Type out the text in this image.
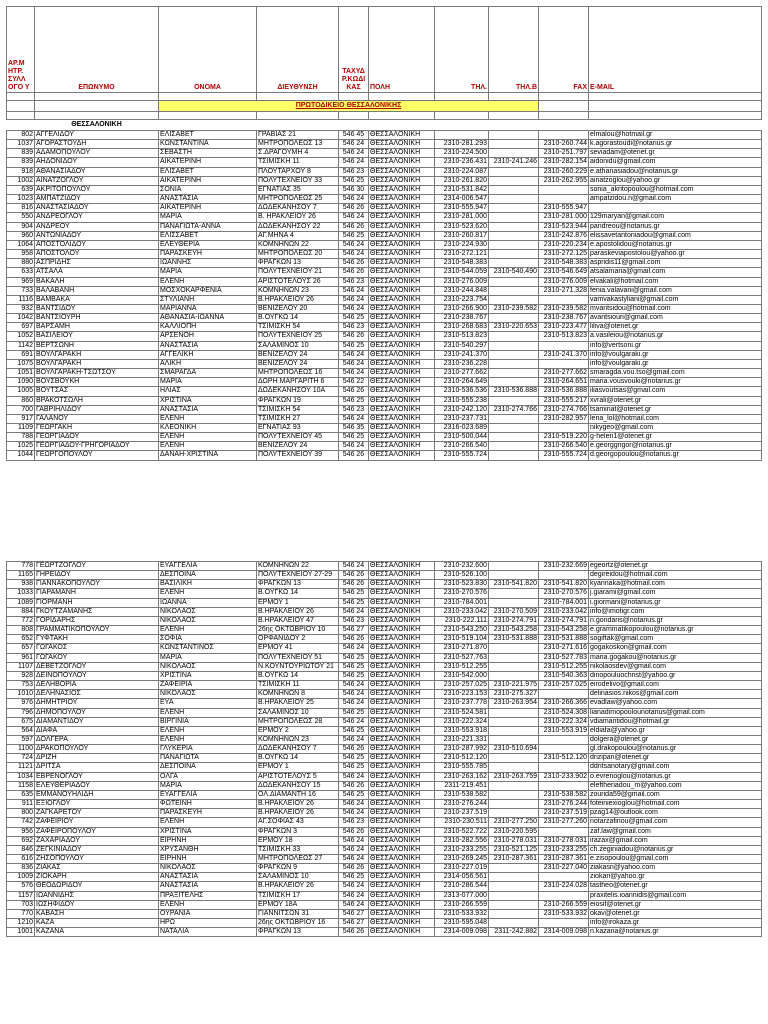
ΑΡ.Μ ΗΤΡ. ΣΥΛΛ ΟΓΟ Υ	ΕΠΩΝΥΜΟ	ΟΝΟΜΑ	ΔΙΕΥΘΥΝΣΗ	ΤΑΧΥΔ Ρ.ΚΩΔΙ ΚΑΣ	ΠΟΛΗ	ΤΗΛ.	ΤΗΛ.Β	FAX	E-MAIL

		ΠΡΩΤΟΔΙΚΕΙΟ ΘΕΣΣΑΛΟΝΙΚΗΣ							

	ΘΕΣΣΑΛΟΝΙΚΗ								
802	ΑΓΓΕΛΙΔΟΥ	ΕΛΙΣΑΒΕΤ	ΓΡΑΒΙΑΣ 21	546 45	ΘΕΣΣΑΛΟΝΙΚΗ				elmalou@hotmail.gr
1037	ΑΓΟΡΑΣΤΟΥΔΗ	ΚΩΝΣΤΑΝΤΙΝΑ	ΜΗΤΡΟΠΟΛΕΩΣ 13	546 24	ΘΕΣΣΑΛΟΝΙΚΗ	2310-281.293		2310-260.744	k.agorastoudi@notarius.gr
839	ΑΔΑΜΟΠΟΥΛΟΥ	ΣΕΒΑΣΤΗ	Σ.ΔΡΑΓΟΥΜΗ 4	546 24	ΘΕΣΣΑΛΟΝΙΚΗ	2310-224.500		2310-251.797	seviadam@otenet.gr
839	ΑΗΔΟΝΙΔΟΥ	ΑΙΚΑΤΕΡΙΝΗ	ΤΣΙΜΙΣΚΗ 11	546 24	ΘΕΣΣΑΛΟΝΙΚΗ	2310-236.431	2310-241.246	2310-282.154	aidonidu@gmail.com
918	ΑΘΑΝΑΣΙΑΔΟΥ	ΕΛΙΣΑΒΕΤ	ΠΛΟΥΤΑΡΧΟΥ 8	546 23	ΘΕΣΣΑΛΟΝΙΚΗ	2310-224.087		2310-260.229	e.athanasiadou@notarius.gr
1002	ΑΙΝΑΤΖΟΓΛΟΥ	ΑΙΚΑΤΕΡΙΝΗ	ΠΟΛΥΤΕΧΝΕΙΟΥ 33	546 25	ΘΕΣΣΑΛΟΝΙΚΗ	2310-261.820		2310-262.955	ainatzoglou@yahoo.gr
639	ΑΚΡΙΤΟΠΟΥΛΟΥ	ΣΟΝΙΑ	ΕΓΝΑΤΙΑΣ 35	546 30	ΘΕΣΣΑΛΟΝΙΚΗ	2310-531.842			sonia_akritopoulou@hotmail.com
1023	ΑΜΠΑΤΖΙΔΟΥ	ΑΝΑΣΤΑΣΙΑ	ΜΗΤΡΟΠΟΛΕΩΣ 25	546 24	ΘΕΣΣΑΛΟΝΙΚΗ	2314-006.547			ampatzidou.n@gmail.com
816	ΑΝΑΣΤΑΣΙΑΔΟΥ	ΑΙΚΑΤΕΡΙΝΗ	ΔΩΔΕΚΑΝΗΣΟΥ 7	546 26	ΘΕΣΣΑΛΟΝΙΚΗ	2310-555.947		2310-555.947	
550	ΑΝΔΡΕΟΓΛΟΥ	ΜΑΡΙΑ	Β. ΗΡΑΚΛΕΙΟΥ 26	546 24	ΘΕΣΣΑΛΟΝΙΚΗ	2310-281.000		2310-281.000	129maryan@gmail.com
904	ΑΝΔΡΕΟΥ	ΠΑΝΑΓΙΩΤΑ-ΑΝΝΑ	ΔΩΔΕΚΑΝΗΣΟΥ 22	546 26	ΘΕΣΣΑΛΟΝΙΚΗ	2310-523.620		2310-523.944	pandreou@notarius.gr
960	ΑΝΤΩΝΙΑΔΟΥ	ΕΛΙΣΣΑΒΕΤ	ΑΓ.ΜΗΝΑ 4	546 25	ΘΕΣΣΑΛΟΝΙΚΗ	2310-260.817		2310-242.876	elissavetantoniadou@gmail.com
1064	ΑΠΟΣΤΟΛΙΔΟΥ	ΕΛΕΥΘΕΡΙΑ	ΚΟΜΝΗΝΩΝ 22	546 24	ΘΕΣΣΑΛΟΝΙΚΗ	2310-224.930		2310-220.234	e.apostolidou@notarius.gr
958	ΑΠΟΣΤΟΛΟΥ	ΠΑΡΑΣΚΕΥΗ	ΜΗΤΡΟΠΟΛΕΩΣ 20	546 24	ΘΕΣΣΑΛΟΝΙΚΗ	2310-272.121		2310-272.125	paraskeviapostolou@yahoo.gr
880	ΑΣΠΡΙΔΗΣ	ΙΩΑΝΝΗΣ	ΦΡΑΓΚΩΝ 13	546 26	ΘΕΣΣΑΛΟΝΙΚΗ	2310-548.383		2310-548.383	aspridis11@gmail.com
633	ΑΤΣΑΛΑ	ΜΑΡΙΑ	ΠΟΛΥΤΕΧΝΕΙΟΥ 21	546 26	ΘΕΣΣΑΛΟΝΙΚΗ	2310-544.059	2310-540.490	2310-546.649	atsalamaria@gmail.com
969	ΒΑΚΑΛΗ	ΕΛΕΝΗ	ΑΡΙΣΤΟΤΕΛΟΥΣ 26	546 23	ΘΕΣΣΑΛΟΝΙΚΗ	2310-276.009		2310-276.009	elvakali@hotmail.com
733	ΒΑΛΑΒΑΝΗ	ΜΟΣΧΟΚΑΡΦΕΝΙΑ	ΚΟΜΝΗΝΩΝ 23	546 24	ΘΕΣΣΑΛΟΝΙΚΗ	2310-244.848		2310-271.328	fenia.valavani@gmail.com
1116	ΒΑΜΒΑΚΑ	ΣΤΥΛΙΑΝΗ	Β.ΗΡΑΚΛΕΙΟΥ 26	546 24	ΘΕΣΣΑΛΟΝΙΚΗ	2310-223.754			vamvakastyliani@gmail.com
932	ΒΑΝΤΣΙΔΟΥ	ΜΑΡΙΑΝΝΑ	ΒΕΝΙΖΕΛΟΥ 20	546 24	ΘΕΣΣΑΛΟΝΙΚΗ	2310-266.900	2310-239.582	2310-239.582	mvantsidou@hotmail.com
1042	ΒΑΝΤΣΙΟΥΡΗ	ΑΘΑΝΑΣΙΑ-ΙΩΑΝΝΑ	Β.ΟΥΓΚΩ 14	546 25	ΘΕΣΣΑΛΟΝΙΚΗ	2310-238.767		2310-238.767	avantsiouri@gmail.com
697	ΒΑΡΣΑΜΗ	ΚΑΛΛΙΟΠΗ	ΤΣΙΜΙΣΚΗ 54	546 23	ΘΕΣΣΑΛΟΝΙΚΗ	2310-268.683	2310-220.653	2310-223.477	liliva@otenet.gr
1052	ΒΑΣΙΛΕΙΟΥ	ΑΡΣΕΝΟΗ	ΠΟΛΥΤΕΧΝΕΙΟΥ 25	546 26	ΘΕΣΣΑΛΟΝΙΚΗ	2310-513.823		2310-513.823	a.vasileiou@notarius.gr
1142	ΒΕΡΤΣΩΝΗ	ΑΝΑΣΤΑΣΙΑ	ΣΑΛΑΜΙΝΟΣ 10	546 25	ΘΕΣΣΑΛΟΝΙΚΗ	2310-540.297			info@vertsoni.gr
691	ΒΟΥΛΓΑΡΑΚΗ	ΑΓΓΕΛΙΚΗ	ΒΕΝΙΖΕΛΟΥ 24	546 24	ΘΕΣΣΑΛΟΝΙΚΗ	2310-241.370		2310-241.370	info@voulgaraki.gr
1075	ΒΟΥΛΓΑΡΑΚΗ	ΑΛΙΚΗ	ΒΕΝΙΖΕΛΟΥ 24	546 24	ΘΕΣΣΑΛΟΝΙΚΗ	2310-236.228			info@voulgaraki.gr
1051	ΒΟΥΛΓΑΡΑΚΗ-ΤΣΩΤΣΟΥ	ΣΜΑΡΑΓΔΑ	ΜΗΤΡΟΠΟΛΕΩΣ 16	546 24	ΘΕΣΣΑΛΟΝΙΚΗ	2310-277.662		2310-277.662	smaragda.vou.tso@gmail.com
1090	ΒΟΥΣΒΟΥΚΗ	ΜΑΡΙΑ	ΔΩΡΗ ΜΑΡΓΑΡΙΤΗ 6	546 22	ΘΕΣΣΑΛΟΝΙΚΗ	2310-264.649		2310-264.651	maria.vousvouki@notarius.gr
1005	ΒΟΥΤΣΑΣ	ΗΛΙΑΣ	ΔΩΔΕΚΑΝΗΣΟΥ 10Α	546 26	ΘΕΣΣΑΛΟΝΙΚΗ	2310-536.536	2310-536.888	2310-536.888	iliasvoutsas@gmail.com
860	ΒΡΑΚΟΤΣΩΛΗ	ΧΡΙΣΤΙΝΑ	ΦΡΑΓΚΩΝ 19	546 25	ΘΕΣΣΑΛΟΝΙΚΗ	2310-555.238		2310-555.217	xvrali@otenet.gr
700	ΓΑΒΡΙΗΛΙΔΟΥ	ΑΝΑΣΤΑΣΙΑ	ΤΣΙΜΙΣΚΗ 54	546 23	ΘΕΣΣΑΛΟΝΙΚΗ	2310-242.120	2310-274.766	2310-274.766	tsaminat@otenet.gr
917	ΓΑΛΑΝΟΥ	ΕΛΕΝΗ	ΤΣΙΜΙΣΚΗ 27	546 24	ΘΕΣΣΑΛΟΝΙΚΗ	2310-237.731		2310-282.957	lena_lol@hotmail.com
1109	ΓΕΩΡΓΑΚΗ	ΚΛΕΟΝΙΚΗ	ΕΓΝΑΤΙΑΣ 93	546 35	ΘΕΣΣΑΛΟΝΙΚΗ	2316-023.689			nikygeo@gmail.com
788	ΓΕΩΡΓΙΑΔΟΥ	ΕΛΕΝΗ	ΠΟΛΥΤΕΧΝΕΙΟΥ 45	546 25	ΘΕΣΣΑΛΟΝΙΚΗ	2310-500.044		2310-519.220	g-helen1@otenet.gr
1025	ΓΕΩΡΓΙΑΔΟΥ-ΓΡΗΓΟΡΙΑΔΟΥ	ΕΛΕΝΗ	ΒΕΝΙΖΕΛΟΥ 24	546 24	ΘΕΣΣΑΛΟΝΙΚΗ	2310-266.540		2310-266.540	e.georggrigor@notarius.gr
1044	ΓΕΩΡΓΟΠΟΥΛΟΥ	ΔΑΝΑΗ-ΧΡΙΣΤΙΝΑ	ΠΟΛΥΤΕΧΝΕΙΟΥ 39	546 26	ΘΕΣΣΑΛΟΝΙΚΗ	2310-555.724		2310-555.724	d.georgopoulou@notarius.gr
778	ΓΕΩΡΤΖΟΓΛΟΥ	ΕΥΑΓΓΕΛΙΑ	ΚΟΜΝΗΝΩΝ 22	546 24	ΘΕΣΣΑΛΟΝΙΚΗ	2310-232.600		2310-232.669	egeortz@otenet.gr
1165	ΓΗΡΕΙΔΟΥ	ΔΕΣΠΟΙΝΑ	ΠΟΛΥΤΕΧΝΕΙΟΥ 27-29	546 26	ΘΕΣΣΑΛΟΝΙΚΗ	2310-526.100			degireidou@hotmail.com
938	ΓΙΑΝΝΑΚΟΠΟΥΛΟΥ	ΒΑΣΙΛΙΚΗ	ΦΡΑΓΚΩΝ 13	546 26	ΘΕΣΣΑΛΟΝΙΚΗ	2310-523.830	2310-541.820	2310-541.820	kyannaka@hotmail.com
1033	ΓΙΑΡΑΜΑΝΗ	ΕΛΕΝΗ	Β.ΟΥΓΚΩ 14	546 25	ΘΕΣΣΑΛΟΝΙΚΗ	2310-270.576		2310-270.576	j.giarami@gmail.com
1089	ΓΙΟΡΜΑΝΗ	ΙΩΑΝΝΑ	ΕΡΜΟΥ 1	546 25	ΘΕΣΣΑΛΟΝΙΚΗ	2310-784.001		2310-784.001	i.giormani@notarius.gr
884	ΓΚΟΥΤΖΑΜΑΝΗΣ	ΝΙΚΟΛΑΟΣ	Β.ΗΡΑΚΛΕΙΟΥ 26	546 24	ΘΕΣΣΑΛΟΝΙΚΗ	2310-233.042	2310-270.509	2310-233.042	info@imotigr.com
772	ΓΟΡΙΔΑΡΗΣ	ΝΙΚΟΛΑΟΣ	Β.ΗΡΑΚΛΕΙΟΥ 47	546 23	ΘΕΣΣΑΛΟΝΙΚΗ	2310-222.111	2310-274.791	2310-274.791	n.goridaris@notarius.gr
808	ΓΡΑΜΜΑΤΙΚΟΠΟΥΛΟΥ	ΕΛΕΝΗ	26ης ΟΚΤΩΒΡΙΟΥ 10	546 27	ΘΕΣΣΑΛΟΝΙΚΗ	2310-543.250	2310-543.258	2310-543.258	e.grammatikopoulou@notarius.gr
652	ΓΥΦΤΑΚΗ	ΣΟΦΙΑ	ΟΡΦΑΝΙΔΟΥ 2	546 26	ΘΕΣΣΑΛΟΝΙΚΗ	2310-519.104	2310-531.888	2310-531.888	sogiftak@gmail.com
657	ΓΩΓΑΚΟΣ	ΚΩΝΣΤΑΝΤΙΝΟΣ	ΕΡΜΟΥ 41	546 24	ΘΕΣΣΑΛΟΝΙΚΗ	2310-271.870		2310-271.616	gogakoskon@gmail.com
961	ΓΩΓΑΚΟΥ	ΜΑΡΙΑ	ΠΟΛΥΤΕΧΝΕΙΟΥ 51	546 25	ΘΕΣΣΑΛΟΝΙΚΗ	2310-527.763		2310-527.783	maria.gogakou@notarius.gr
1107	ΔΕΒΕΤΖΟΓΛΟΥ	ΝΙΚΟΛΑΟΣ	Ν.ΚΟΥΝΤΟΥΡΙΩΤΟΥ 21	546 25	ΘΕΣΣΑΛΟΝΙΚΗ	2310-512.255		2310-512.255	nikolaosdev@gmail.com
928	ΔΕΙΝΟΠΟΥΛΟΥ	ΧΡΙΣΤΙΝΑ	Β.ΟΥΓΚΩ 14	546 25	ΘΕΣΣΑΛΟΝΙΚΗ	2310-542.000		2310-540.363	dinopouluochrist@yahoo.gr
753	ΔΕΛΗΒΟΡΙΑ	ΖΑΦΕΙΡΙΑ	ΤΣΙΜΙΣΚΗ 11	546 24	ΘΕΣΣΑΛΟΝΙΚΗ	2310-257.025	2310-221.975	2310-257.025	eirodelivo@gmail.com
1010	ΔΕΛΗΝΑΣΙΟΣ	ΝΙΚΟΛΑΟΣ	ΚΟΜΝΗΝΩΝ 8	546 24	ΘΕΣΣΑΛΟΝΙΚΗ	2310-223.153	2310-275.327		delinasios.nikos@gmail.com
976	ΔΗΜΗΤΡΙΟΥ	ΕΥΑ	Β.ΗΡΑΚΛΕΙΟΥ 25	546 24	ΘΕΣΣΑΛΟΝΙΚΗ	2310-237.778	2310-263.954	2310-266.366	evadlaw@yahoo.com
796	ΔΗΜΟΠΟΥΛΟΥ	ΕΛΕΝΗ	ΣΑΛΑΜΙΝΟΣ 10	546 25	ΘΕΣΣΑΛΟΝΙΚΗ	2310-524.581		2310-524.308	lianadimopoulounotarius@gmail.com
675	ΔΙΑΜΑΝΤΙΔΟΥ	ΒΙΡΓΙΝΙΑ	ΜΗΤΡΟΠΟΛΕΩΣ 28	546 24	ΘΕΣΣΑΛΟΝΙΚΗ	2310-222.324		2310-222.324	vdiamantidou@hotmail.gr
564	ΔΙΑΦΑ	ΕΛΕΝΗ	ΕΡΜΟΥ 2	546 25	ΘΕΣΣΑΛΟΝΙΚΗ	2310-553.918		2310-553.919	eldiafa@yahoo.gr
597	ΔΟΛΓΕΡΑ	ΕΛΕΝΗ	ΚΟΜΝΗΝΩΝ 23	546 24	ΘΕΣΣΑΛΟΝΙΚΗ	2310-221.331			dolgera@otenet.gr
1100	ΔΡΑΚΟΠΟΥΛΟΥ	ΓΛΥΚΕΡΙΑ	ΔΩΔΕΚΑΝΗΣΟΥ 7	546 26	ΘΕΣΣΑΛΟΝΙΚΗ	2310-287.992	2310-510.694		gl.drakopoulou@notarius.gr
724	ΔΡΙΖΗ	ΠΑΝΑΓΙΩΤΑ	Β.ΟΥΓΚΩ 14	546 25	ΘΕΣΣΑΛΟΝΙΚΗ	2310-512.120		2310-512.120	drizipan@otenet.gr
1121	ΔΡΙΤΣΑ	ΔΕΣΠΟΙΝΑ	ΕΡΜΟΥ 1	546 25	ΘΕΣΣΑΛΟΝΙΚΗ	2310-555.785			ddritsanotary@gmail.com
1034	ΕΒΡΕΝΟΓΛΟΥ	ΟΛΓΑ	ΑΡΙΣΤΟΤΕΛΟΥΣ 5	546 24	ΘΕΣΣΑΛΟΝΙΚΗ	2310-263.162	2310-263.759	2310-233.902	o.evrenoglou@notarius.gr
1158	ΕΛΕΥΘΕΡΙΑΔΟΥ	ΜΑΡΙΑ	ΔΩΔΕΚΑΝΗΣΟΥ 15	546 26	ΘΕΣΣΑΛΟΝΙΚΗ	2311-219.451			eleftheriadou_m@yahoo.com
635	ΕΜΜΑΝΟΥΗΛΙΔΗ	ΕΥΑΓΓΕΛΙΑ	ΟΛ.ΔΙΑΜΑΝΤΗ 16	546 25	ΘΕΣΣΑΛΟΝΙΚΗ	2310-538.582		2310-538.582	zourida59@gmail.com
911	ΕΞΙΟΓΛΟΥ	ΦΩΤΕΙΝΗ	Β.ΗΡΑΚΛΕΙΟΥ 26	546 24	ΘΕΣΣΑΛΟΝΙΚΗ	2310-276.244		2310-276.244	foteiniexioglou@hotmail.com
800	ΖΑΓΚΑΡΕΤΟΥ	ΠΑΡΑΣΚΕΥΗ	Β.ΗΡΑΚΛΕΙΟΥ 26	546 24	ΘΕΣΣΑΛΟΝΙΚΗ	2310-237.519		2310-237.519	pzag14@outlook.com
742	ΖΑΦΕΙΡΙΟΥ	ΕΛΕΝΗ	ΑΓ.ΣΟΦΙΑΣ 43	546 23	ΘΕΣΣΑΛΟΝΙΚΗ	2310-230.511	2310-277.250	2310-277.260	notarzafiriou@gmail.com
956	ΖΑΦΕΙΡΟΠΟΥΛΟΥ	ΧΡΙΣΤΙΝΑ	ΦΡΑΓΚΩΝ 3	546 26	ΘΕΣΣΑΛΟΝΙΚΗ	2310-522.722	2310-220.595		zaf.law@gmail.com
692	ΖΑΧΑΡΙΑΔΟΥ	ΕΙΡΗΝΗ	ΕΡΜΟΥ 18	546 24	ΘΕΣΣΑΛΟΝΙΚΗ	2310-282.556	2310-278.031	2310-278.031	irazax@gmail.com
846	ΖΕΓΚΙΝΙΑΔΟΥ	ΧΡΥΣΑΝΘΗ	ΤΣΙΜΙΣΚΗ 33	546 24	ΘΕΣΣΑΛΟΝΙΚΗ	2310-233.255	2310-521.125	2310-233.255	ch.zeginiadou@notarius.gr
616	ΖΗΣΟΠΟΥΛΟΥ	ΕΙΡΗΝΗ	ΜΗΤΡΟΠΟΛΕΩΣ 27	546 24	ΘΕΣΣΑΛΟΝΙΚΗ	2310-269.245	2310-287.361	2310-287.361	e.zisopoulou@gmail.com
836	ΖΙΑΚΑΣ	ΝΙΚΟΛΑΟΣ	ΦΡΑΓΚΩΝ 9	546 26	ΘΕΣΣΑΛΟΝΙΚΗ	2310-227.019		2310-227.040	ziakasn@yahoo.com
1009	ΖΙΟΚΑΡΗ	ΑΝΑΣΤΑΣΙΑ	ΣΑΛΑΜΙΝΟΣ 10	546 25	ΘΕΣΣΑΛΟΝΙΚΗ	2314-056.561			ziokari@yahoo.gr
576	ΘΕΟΔΩΡΙΔΟΥ	ΑΝΑΣΤΑΣΙΑ	Β.ΗΡΑΚΛΕΙΟΥ 26	546 24	ΘΕΣΣΑΛΟΝΙΚΗ	2310-286.544		2310-224.028	tastheo@otenet.gr
1157	ΙΩΑΝΝΙΔΗΣ	ΠΡΑΞΙΤΕΛΗΣ	ΤΣΙΜΙΣΚΗ 17	546 24	ΘΕΣΣΑΛΟΝΙΚΗ	2313-077.000			praxitelis.ioannidis@gmail.com
703	ΙΩΣΗΦΙΔΟΥ	ΕΛΕΝΗ	ΕΡΜΟΥ 18Α	546 24	ΘΕΣΣΑΛΟΝΙΚΗ	2310-266.559		2310-266.559	eiosif@otenet.gr
770	ΚΑΒΑΣΗ	ΟΥΡΑΝΙΑ	ΓΙΑΝΝΙΤΣΩΝ 31	546 27	ΘΕΣΣΑΛΟΝΙΚΗ	2310-533.932		2310-533.932	okav@otenet.gr
1210	ΚΑΖΑ	ΗΡΩ	26ης ΟΚΤΩΒΡΙΟΥ 16	546 27	ΘΕΣΣΑΛΟΝΙΚΗ	2310-595.048			info@irokaza.gr
1001	ΚΑΖΑΝΑ	ΝΑΤΑΛΙΑ	ΦΡΑΓΚΩΝ 13	546 26	ΘΕΣΣΑΛΟΝΙΚΗ	2314-009.098	2311-242.882	2314-009.098	n.kazana@notarius.gr
